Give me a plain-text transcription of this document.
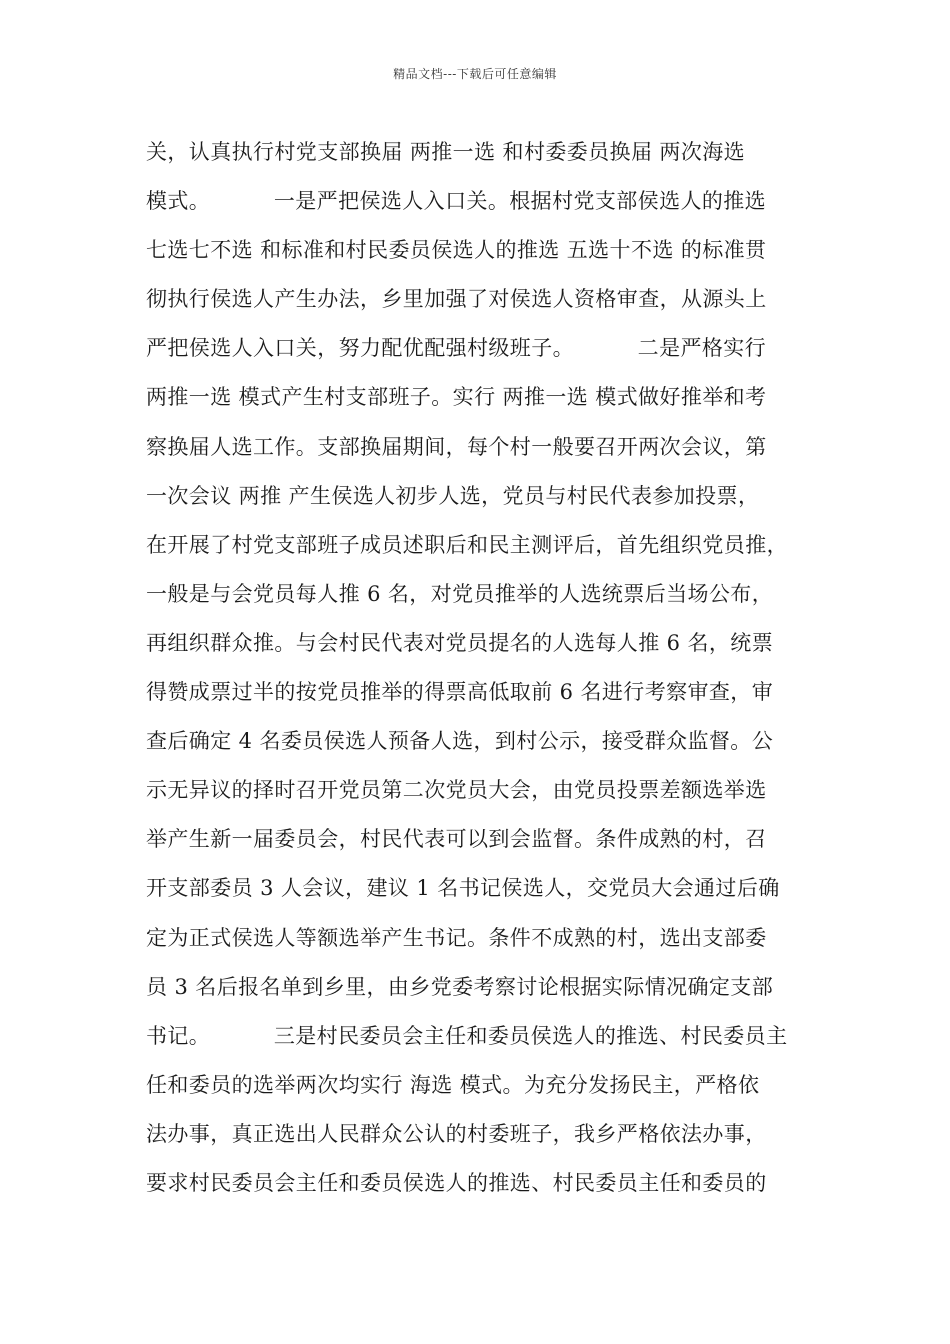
精品文档---下载后可任意编辑
关，认真执行村党支部换届 两推一选 和村委委员换届 两次海选
模式。         一是严把侯选人入口关。根据村党支部侯选人的推选
七选七不选 和标准和村民委员侯选人的推选 五选十不选 的标准贯
彻执行侯选人产生办法，乡里加强了对侯选人资格审查，从源头上
严把侯选人入口关，努力配优配强村级班子。         二是严格实行
两推一选 模式产生村支部班子。实行 两推一选 模式做好推举和考
察换届人选工作。支部换届期间，每个村一般要召开两次会议，第
一次会议 两推 产生侯选人初步人选，党员与村民代表参加投票，
在开展了村党支部班子成员述职后和民主测评后，首先组织党员推，
一般是与会党员每人推 6 名，对党员推举的人选统票后当场公布，
再组织群众推。与会村民代表对党员提名的人选每人推 6 名，统票
得赞成票过半的按党员推举的得票高低取前 6 名进行考察审查，审
查后确定 4 名委员侯选人预备人选，到村公示，接受群众监督。公
示无异议的择时召开党员第二次党员大会，由党员投票差额选举选
举产生新一届委员会，村民代表可以到会监督。条件成熟的村，召
开支部委员 3 人会议，建议 1 名书记侯选人，交党员大会通过后确
定为正式侯选人等额选举产生书记。条件不成熟的村，选出支部委
员 3 名后报名单到乡里，由乡党委考察讨论根据实际情况确定支部
书记。         三是村民委员会主任和委员侯选人的推选、村民委员主
任和委员的选举两次均实行 海选 模式。为充分发扬民主，严格依
法办事，真正选出人民群众公认的村委班子，我乡严格依法办事，
要求村民委员会主任和委员侯选人的推选、村民委员主任和委员的
